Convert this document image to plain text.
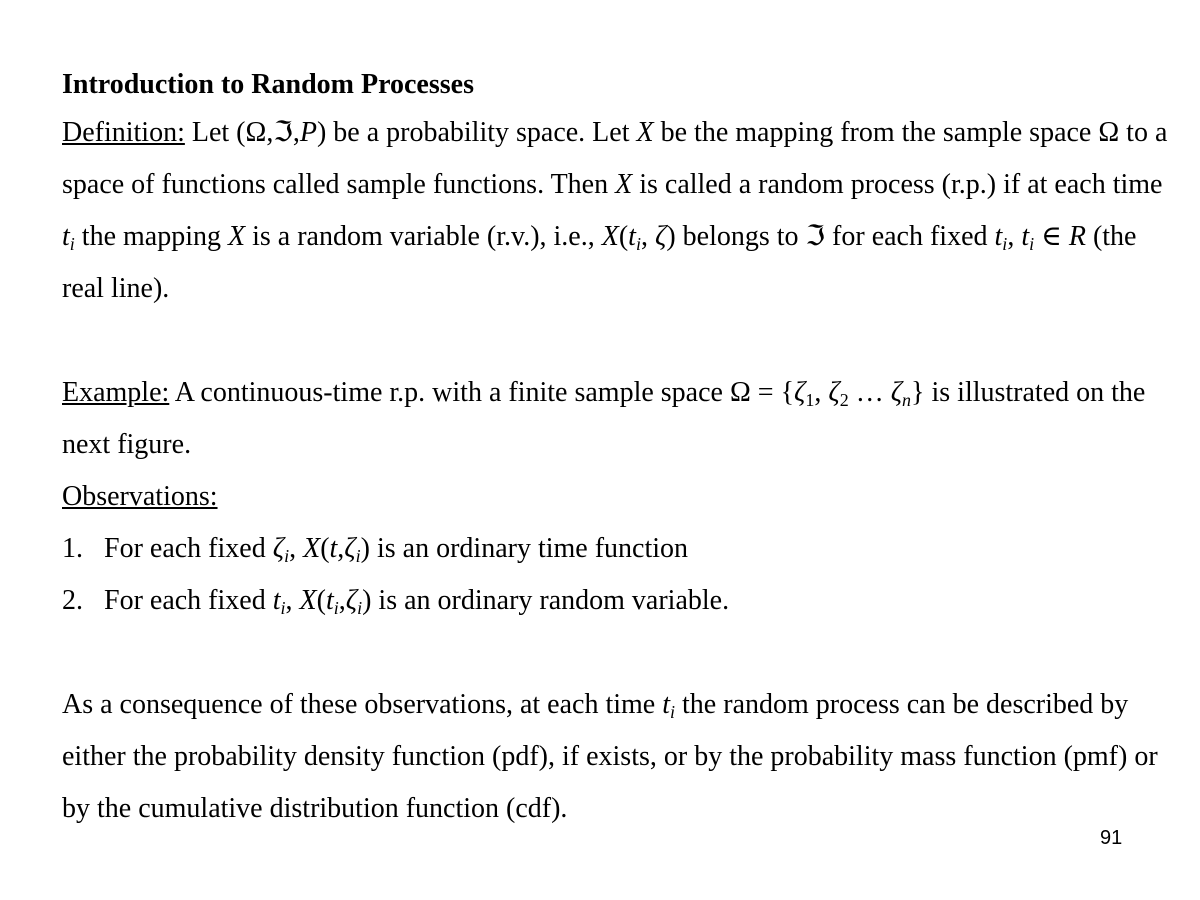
Introduction to Random Processes

Definition: Let (Ω,ℑ,P) be a probability space. Let X be the mapping from the sample space Ω to a space of functions called sample functions. Then X is called a random process (r.p.) if at each time $t_i$ the mapping X is a random variable (r.v.), i.e., $X(t_i$, ζ) belongs to ℑ for each fixed $t_i$, $t_i$ ∈ R (the real line).

Example: A continuous-time r.p. with a finite sample space $\Omega = \{\zeta_1$, $\zeta_2$ … $\zeta_n$} is illustrated on the next figure.

Observations:

1. For each fixed $\zeta_i$, $X(t,\zeta_i)$ is an ordinary time function

2. For each fixed $t_i$, $X(t_i,\zeta_i)$ is an ordinary random variable.

As a consequence of these observations, at each time $t_i$ the random process can be described by either the probability density function (pdf), if exists, or by the probability mass function (pmf) or by the cumulative distribution function (cdf).

91
